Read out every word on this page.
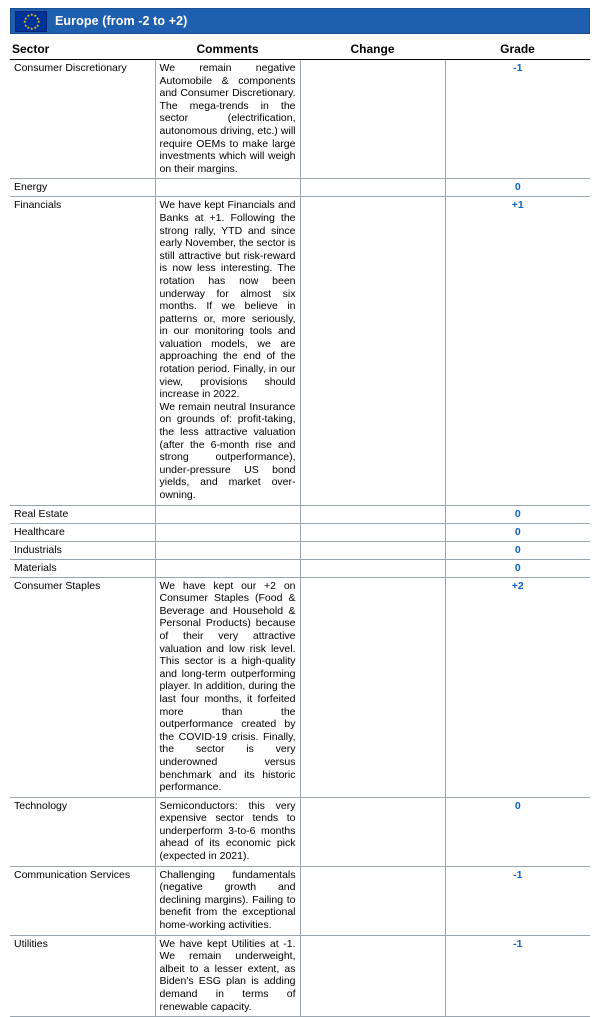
★ ★
★
★
★
★
★
★
★
★
★
★ Europe (from -2 to +2)
Sector	Comments	Change	Grade
Consumer Discretionary	We remain negative Automobile & components and Consumer Discretionary. The mega-trends in the sector (electrification, autonomous driving, etc.) will require OEMs to make large investments which will weigh on their margins.		-1
Energy			0
Financials	We have kept Financials and Banks at +1. Following the strong rally, YTD and since early November, the sector is still attractive but risk-reward is now less interesting. The rotation has now been underway for almost six months. If we believe in patterns or, more seriously, in our monitoring tools and valuation models, we are approaching the end of the rotation period. Finally, in our view, provisions should increase in 2022.

We remain neutral Insurance on grounds of: profit-taking, the less attractive valuation (after the 6-month rise and strong outperformance), under-pressure US bond yields, and market over-owning.		+1
Real Estate			0
Healthcare			0
Industrials			0
Materials			0
Consumer Staples	We have kept our +2 on Consumer Staples (Food & Beverage and Household & Personal Products) because of their very attractive valuation and low risk level. This sector is a high-quality and long-term outperforming player. In addition, during the last four months, it forfeited more than the outperformance created by the COVID-19 crisis. Finally, the sector is very underowned versus benchmark and its historic performance.		+2
Technology	Semiconductors: this very expensive sector tends to underperform 3-to-6 months ahead of its economic pick (expected in 2021).		0
Communication Services	Challenging fundamentals (negative growth and declining margins). Failing to benefit from the exceptional home-working activities.		-1
Utilities	We have kept Utilities at -1. We remain underweight, albeit to a lesser extent, as Biden's ESG plan is adding demand in terms of renewable capacity.		-1
